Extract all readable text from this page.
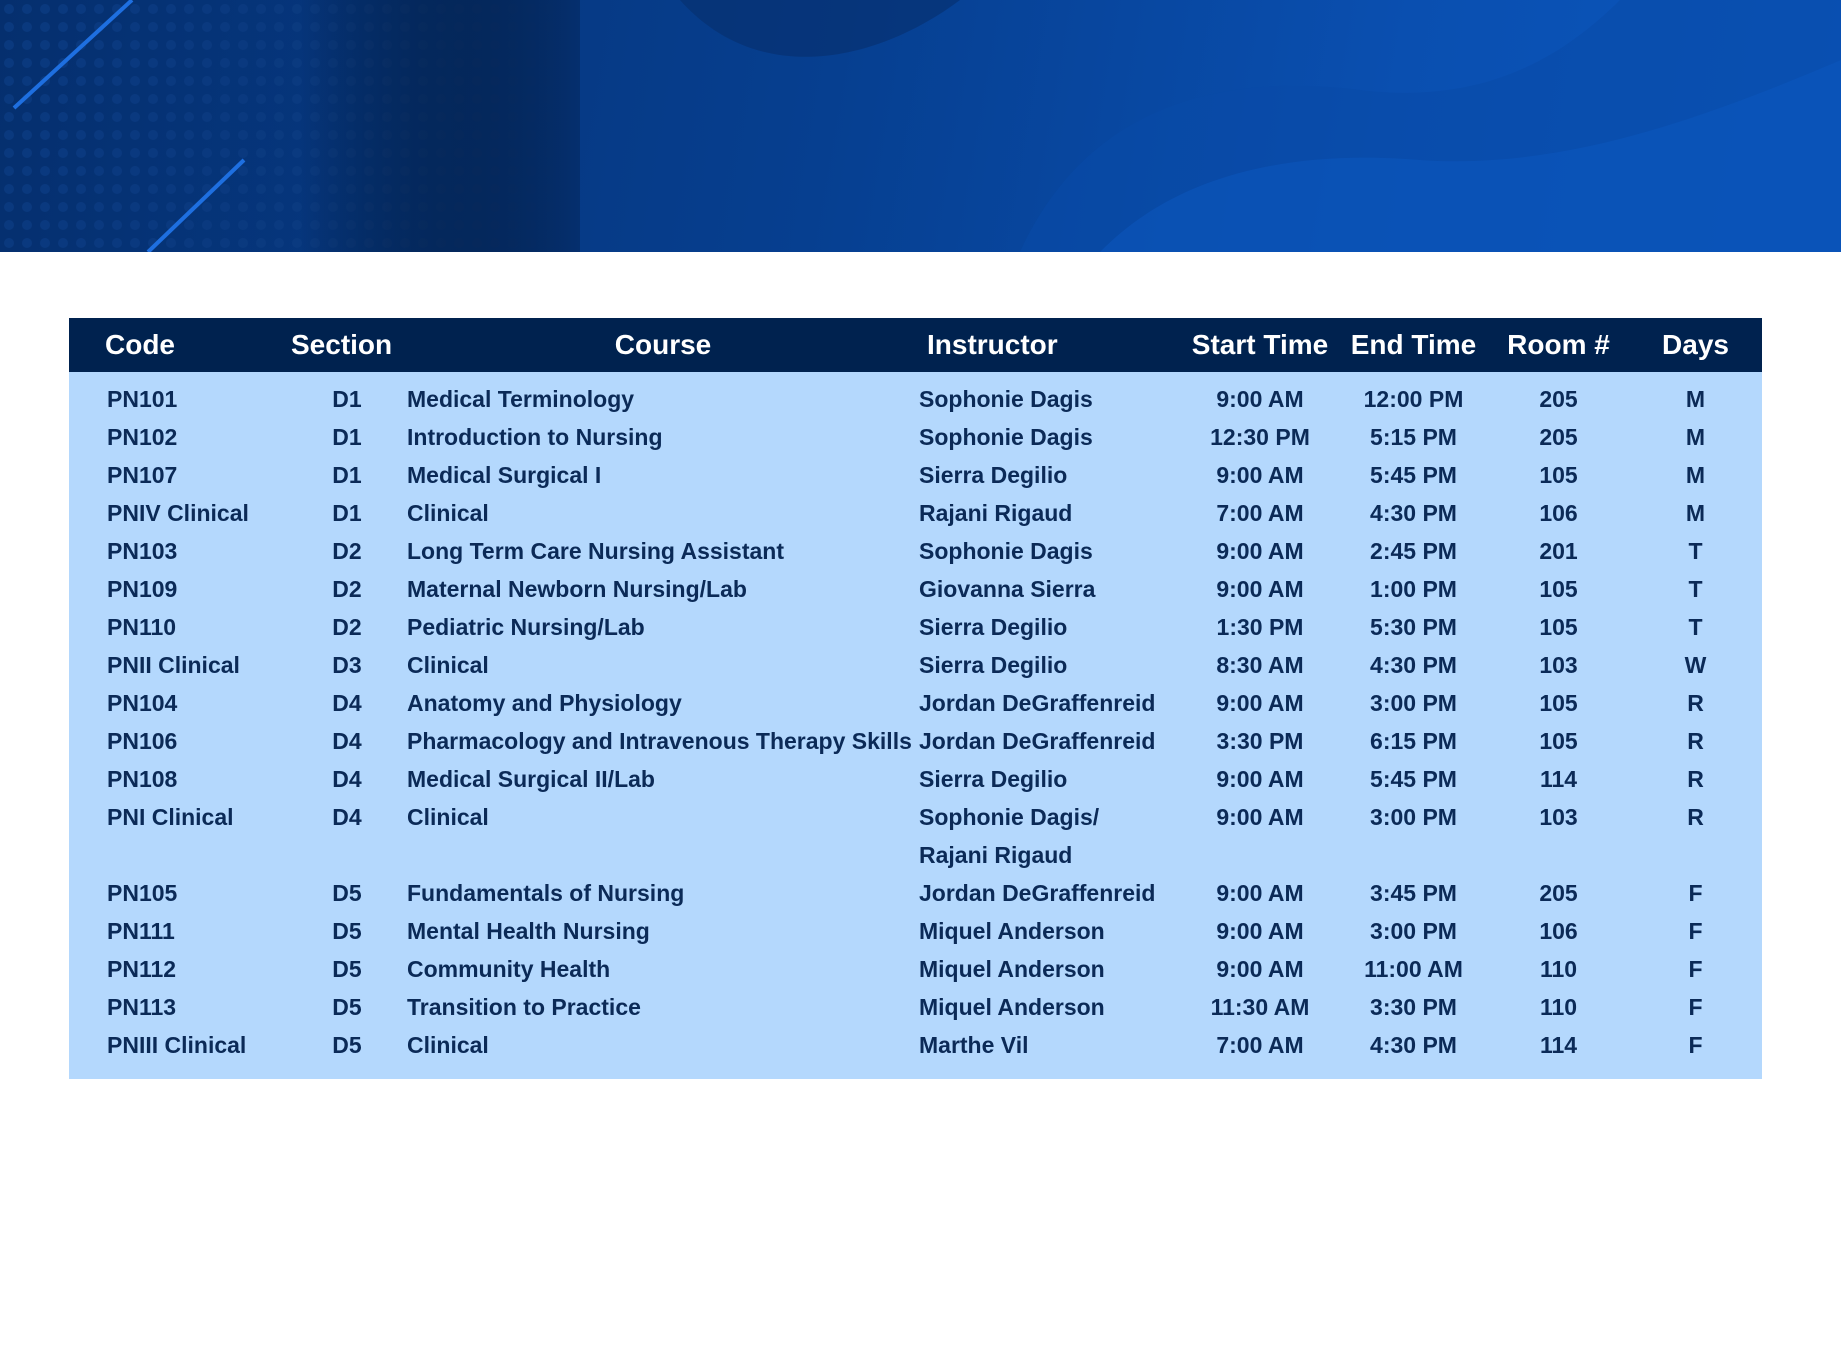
Code	Section	Course	Instructor	Start Time	End Time	Room #	Days
PN101	D1	Medical Terminology	Sophonie Dagis	9:00 AM	12:00 PM	205	M
PN102	D1	Introduction to Nursing	Sophonie Dagis	12:30 PM	5:15 PM	205	M
PN107	D1	Medical Surgical I	Sierra Degilio	9:00 AM	5:45 PM	105	M
PNIV Clinical	D1	Clinical	Rajani Rigaud	7:00 AM	4:30 PM	106	M
PN103	D2	Long Term Care Nursing Assistant	Sophonie Dagis	9:00 AM	2:45 PM	201	T
PN109	D2	Maternal Newborn Nursing/Lab	Giovanna Sierra	9:00 AM	1:00 PM	105	T
PN110	D2	Pediatric Nursing/Lab	Sierra Degilio	1:30 PM	5:30 PM	105	T
PNII Clinical	D3	Clinical	Sierra Degilio	8:30 AM	4:30 PM	103	W
PN104	D4	Anatomy and Physiology	Jordan DeGraffenreid	9:00 AM	3:00 PM	105	R
PN106	D4	Pharmacology and Intravenous Therapy Skills	Jordan DeGraffenreid	3:30 PM	6:15 PM	105	R
PN108	D4	Medical Surgical II/Lab	Sierra Degilio	9:00 AM	5:45 PM	114	R
PNI Clinical	D4	Clinical	Sophonie Dagis/
Rajani Rigaud	9:00 AM	3:00 PM	103	R
PN105	D5	Fundamentals of Nursing	Jordan DeGraffenreid	9:00 AM	3:45 PM	205	F
PN111	D5	Mental Health Nursing	Miquel Anderson	9:00 AM	3:00 PM	106	F
PN112	D5	Community Health	Miquel Anderson	9:00 AM	11:00 AM	110	F
PN113	D5	Transition to Practice	Miquel Anderson	11:30 AM	3:30 PM	110	F
PNIII Clinical	D5	Clinical	Marthe Vil	7:00 AM	4:30 PM	114	F
